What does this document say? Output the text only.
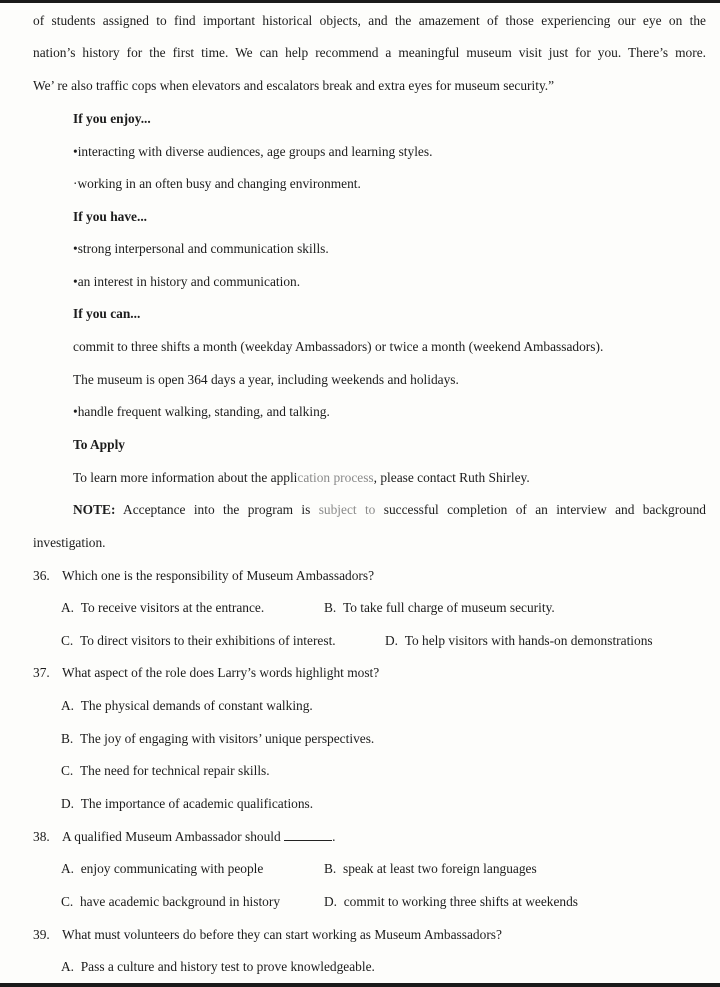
of students assigned to find important historical objects, and the amazement of those experiencing our eye on the
nation’s history for the first time. We can help recommend a meaningful museum visit just for you. There’s more.
We’ re also traffic cops when elevators and escalators break and extra eyes for museum security.”
If you enjoy...
•interacting with diverse audiences, age groups and learning styles.
·working in an often busy and changing environment.
If you have...
•strong interpersonal and communication skills.
•an interest in history and communication.
If you can...
commit to three shifts a month (weekday Ambassadors) or twice a month (weekend Ambassadors).
The museum is open 364 days a year, including weekends and holidays.
•handle frequent walking, standing, and talking.
To Apply
To learn more information about the application process, please contact Ruth Shirley.
NOTE: Acceptance into the program is subject to successful completion of an interview and background
investigation.
36. Which one is the responsibility of Museum Ambassadors?
A. To receive visitors at the entrance.	B. To take full charge of museum security.
C. To direct visitors to their exhibitions of interest.	D. To help visitors with hands-on demonstrations
37. What aspect of the role does Larry’s words highlight most?
A. The physical demands of constant walking.
B. The joy of engaging with visitors’ unique perspectives.
C. The need for technical repair skills.
D. The importance of academic qualifications.
38. A qualified Museum Ambassador should	.
A. enjoy communicating with people	B. speak at least two foreign languages
C. have academic background in history	D. commit to working three shifts at weekends
39. What must volunteers do before they can start working as Museum Ambassadors?
A. Pass a culture and history test to prove knowledgeable.
